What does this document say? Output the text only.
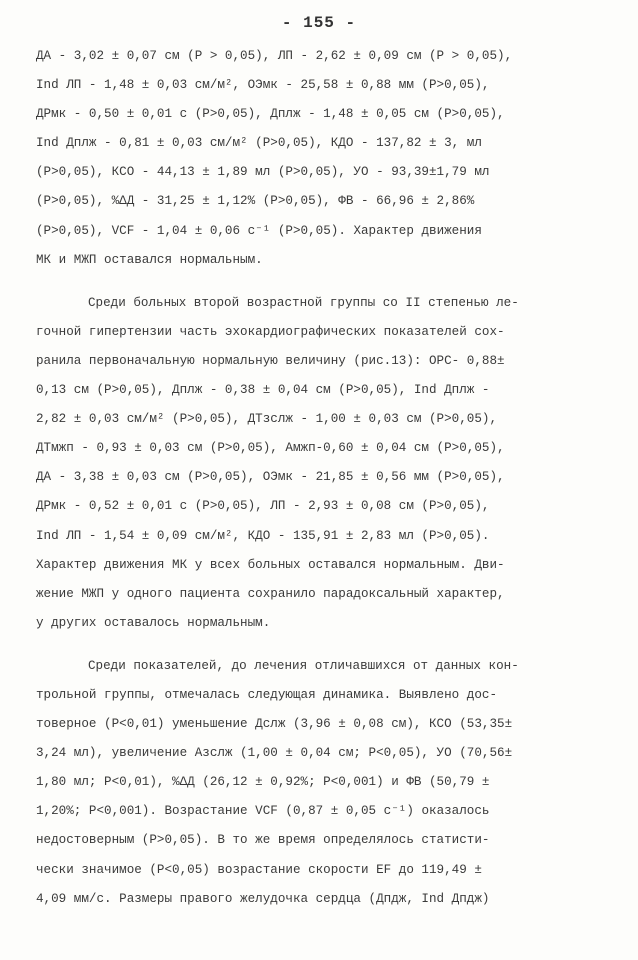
- 155 -
ДА - 3,02 ± 0,07 см (P > 0,05), ЛП - 2,62 ± 0,09 см (P > 0,05),
Ind ЛП - 1,48 ± 0,03 см/м², ОЭмк - 25,58 ± 0,88 мм (P>0,05),
ДРмк - 0,50 ± 0,01 с (P>0,05), Дплж - 1,48 ± 0,05 см (P>0,05),
Ind Дплж - 0,81 ± 0,03 см/м² (P>0,05), КДО - 137,82 ± 3, мл
(P>0,05), КСО - 44,13 ± 1,89 мл (P>0,05), УО - 93,39±1,79 мл
(P>0,05), %ΔД - 31,25 ± 1,12% (P>0,05), ФВ - 66,96 ± 2,86%
(P>0,05), VCF - 1,04 ± 0,06 с⁻¹ (P>0,05). Характер движения
МК и МЖП оставался нормальным.
Среди больных второй возрастной группы со II степенью ле-
гочной гипертензии часть эхокардиографических показателей сох-
ранила первоначальную нормальную величину (рис.13): ОРС- 0,88±
0,13 см (P>0,05), Дплж - 0,38 ± 0,04 см (P>0,05), Ind Дплж -
2,82 ± 0,03 см/м² (P>0,05), ДТзслж - 1,00 ± 0,03 см (P>0,05),
ДТмжп - 0,93 ± 0,03 см (P>0,05), Амжп-0,60 ± 0,04 см (P>0,05),
ДА - 3,38 ± 0,03 см (P>0,05), ОЭмк - 21,85 ± 0,56 мм (P>0,05),
ДРмк - 0,52 ± 0,01 с (P>0,05), ЛП - 2,93 ± 0,08 см (P>0,05),
Ind ЛП - 1,54 ± 0,09 см/м², КДО - 135,91 ± 2,83 мл (P>0,05).
Характер движения МК у всех больных оставался нормальным. Дви-
жение МЖП у одного пациента сохранило парадоксальный характер,
у других оставалось нормальным.
Среди показателей, до лечения отличавшихся от данных кон-
трольной группы, отмечалась следующая динамика. Выявлено дос-
товерное (P<0,01) уменьшение Дслж (3,96 ± 0,08 см), КСО (53,35±
3,24 мл), увеличение Азслж (1,00 ± 0,04 см; P<0,05), УО (70,56±
1,80 мл; P<0,01), %ΔД (26,12 ± 0,92%; P<0,001) и ФВ (50,79 ±
1,20%; P<0,001). Возрастание VCF (0,87 ± 0,05 с⁻¹) оказалось
недостоверным (P>0,05). В то же время определялось статисти-
чески значимое (P<0,05) возрастание скорости EF до 119,49 ±
4,09 мм/с. Размеры правого желудочка сердца (Дпдж, Ind Дпдж)
